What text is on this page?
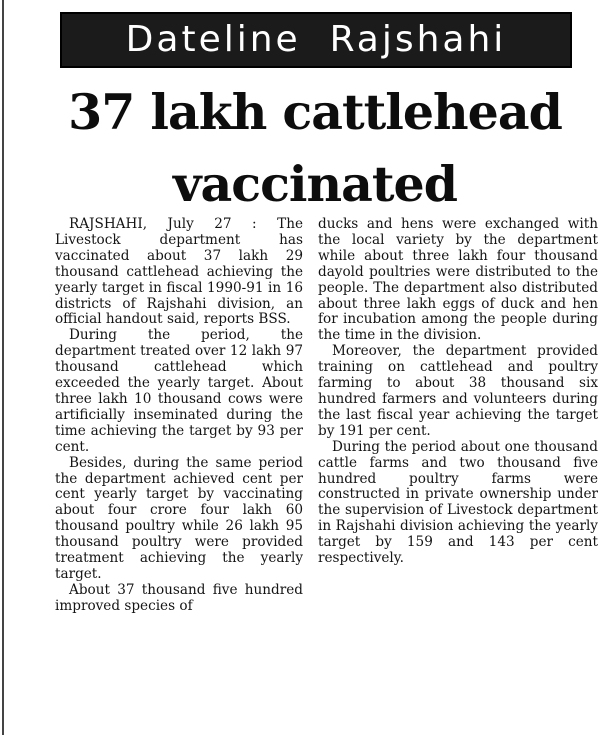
Dateline  Rajshahi
37 lakh cattlehead vaccinated

RAJSHAHI, July 27 : The Livestock department has vaccinated about 37 lakh 29 thousand cattlehead achieving the yearly target in fiscal 1990-91 in 16 districts of Rajshahi division, an official handout said, reports BSS.

During the period, the department treated over 12 lakh 97 thousand cattlehead which exceeded the yearly target. About three lakh 10 thousand cows were artificially inseminated during the time achieving the target by 93 per cent.

Besides, during the same period the department achieved cent per cent yearly target by vaccinating about four crore four lakh 60 thousand poultry while 26 lakh 95 thousand poultry were provided treatment achieving the yearly target.

About 37 thousand five hundred improved species of

ducks and hens were exchanged with the local variety by the department while about three lakh four thousand dayold poultries were distributed to the people. The department also distributed about three lakh eggs of duck and hen for incubation among the people during the time in the division.

Moreover, the department provided training on cattlehead and poultry farming to about 38 thousand six hundred farmers and volunteers during the last fiscal year achieving the target by 191 per cent.

During the period about one thousand cattle farms and two thousand five hundred poultry farms were constructed in private ownership under the supervision of Livestock department in Rajshahi division achieving the yearly target by 159 and 143 per cent respectively.
